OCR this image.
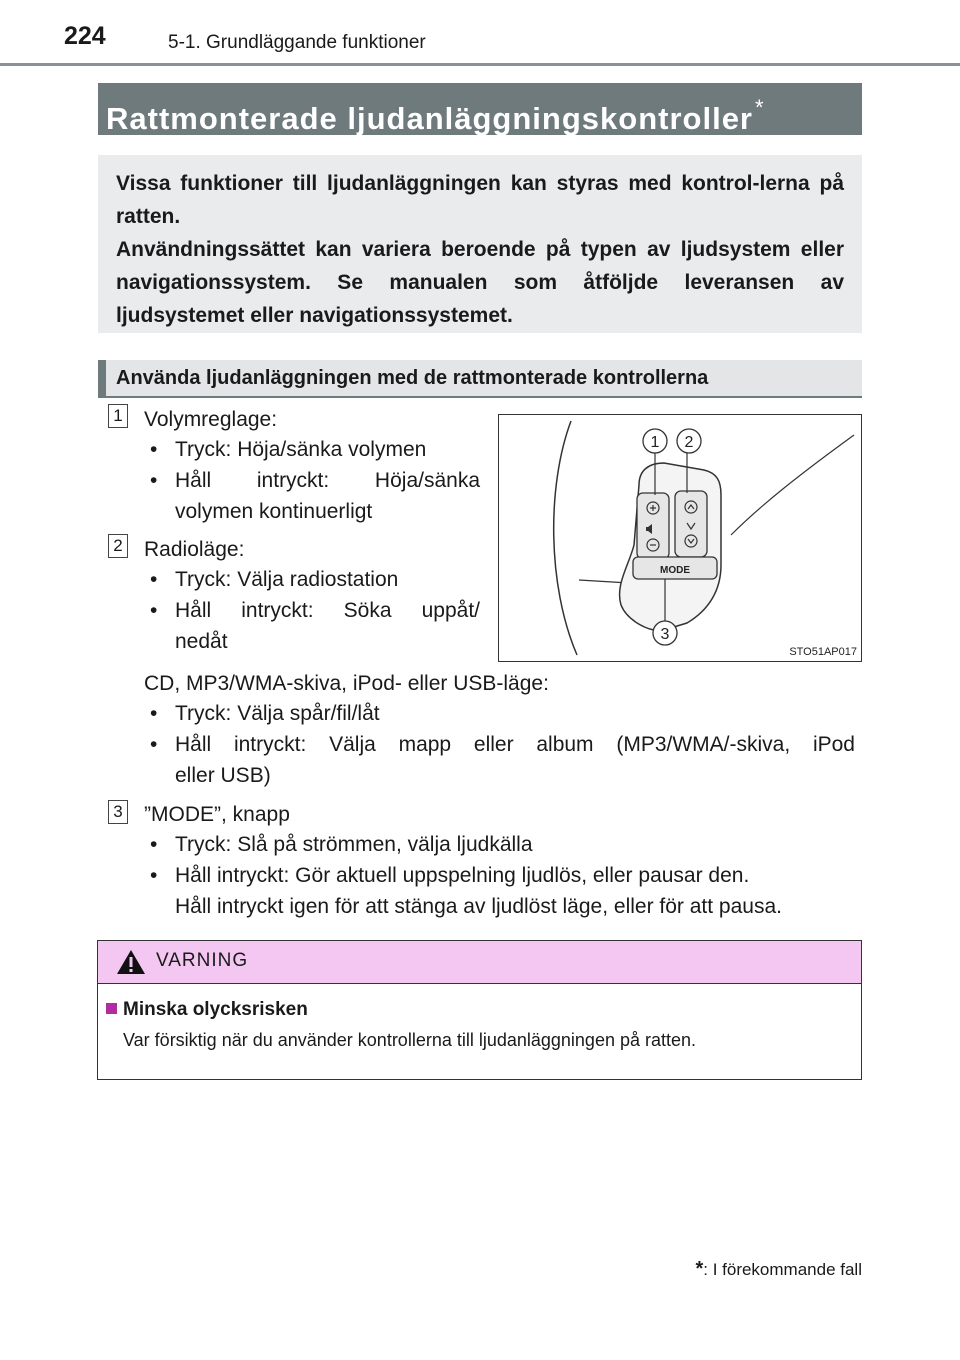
224	5-1. Grundläggande funktioner
Rattmonterade ljudanläggningskontroller*
Vissa funktioner till ljudanläggningen kan styras med kontrol-lerna på ratten.
Användningssättet kan variera beroende på typen av ljudsystem eller navigationssystem. Se manualen som åtföljde leveransen av ljudsystemet eller navigationssystemet.
Använda ljudanläggningen med de rattmonterade kontrollerna
1 Volymreglage:
• Tryck: Höja/sänka volymen
• Håll intryckt: Höja/sänka
volymen kontinuerligt
2 Radioläge:
• Tryck: Välja radiostation
• Håll intryckt: Söka uppåt/
nedåt
CD, MP3/WMA-skiva, iPod- eller USB-läge:
• Tryck: Välja spår/fil/låt
• Håll intryckt: Välja mapp eller album (MP3/WMA/-skiva, iPod
eller USB)
3 ”MODE”, knapp
• Tryck: Slå på strömmen, välja ljudkälla
• Håll intryckt: Gör aktuell uppspelning ljudlös, eller pausar den.
Håll intryckt igen för att stänga av ljudlöst läge, eller för att pausa.
MODE
1 2
3
STO51AP017
VARNING
Minska olycksrisken
Var försiktig när du använder kontrollerna till ljudanläggningen på ratten.
*: I förekommande fall
